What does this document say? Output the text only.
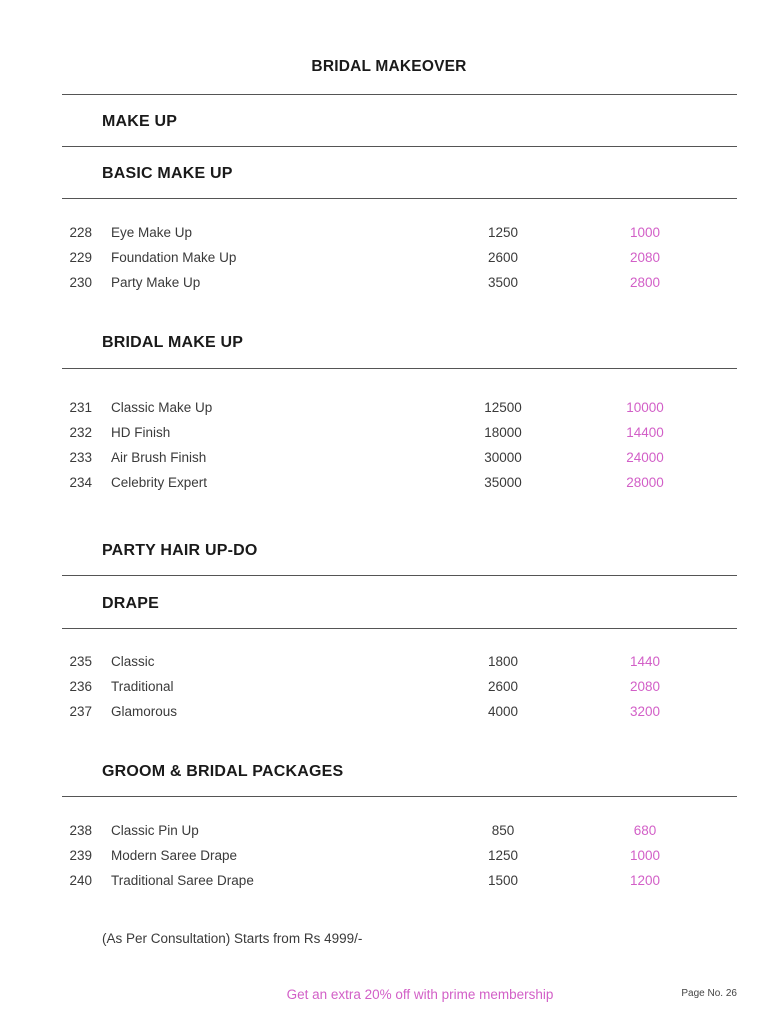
BRIDAL MAKEOVER
MAKE UP
BASIC MAKE UP
228 Eye Make Up	1250	1000
229 Foundation Make Up	2600	2080
230 Party Make Up	3500	2800
BRIDAL MAKE UP
231 Classic Make Up	12500	10000
232 HD Finish	18000	14400
233 Air Brush Finish	30000	24000
234 Celebrity Expert	35000	28000
PARTY HAIR UP-DO
DRAPE
235 Classic	1800	1440
236 Traditional	2600	2080
237 Glamorous	4000	3200
GROOM & BRIDAL PACKAGES
238 Classic Pin Up	850	680
239 Modern Saree Drape	1250	1000
240 Traditional Saree Drape	1500	1200
(As Per Consultation) Starts from Rs 4999/-
Get an extra 20% off with prime membership	Page No. 26
